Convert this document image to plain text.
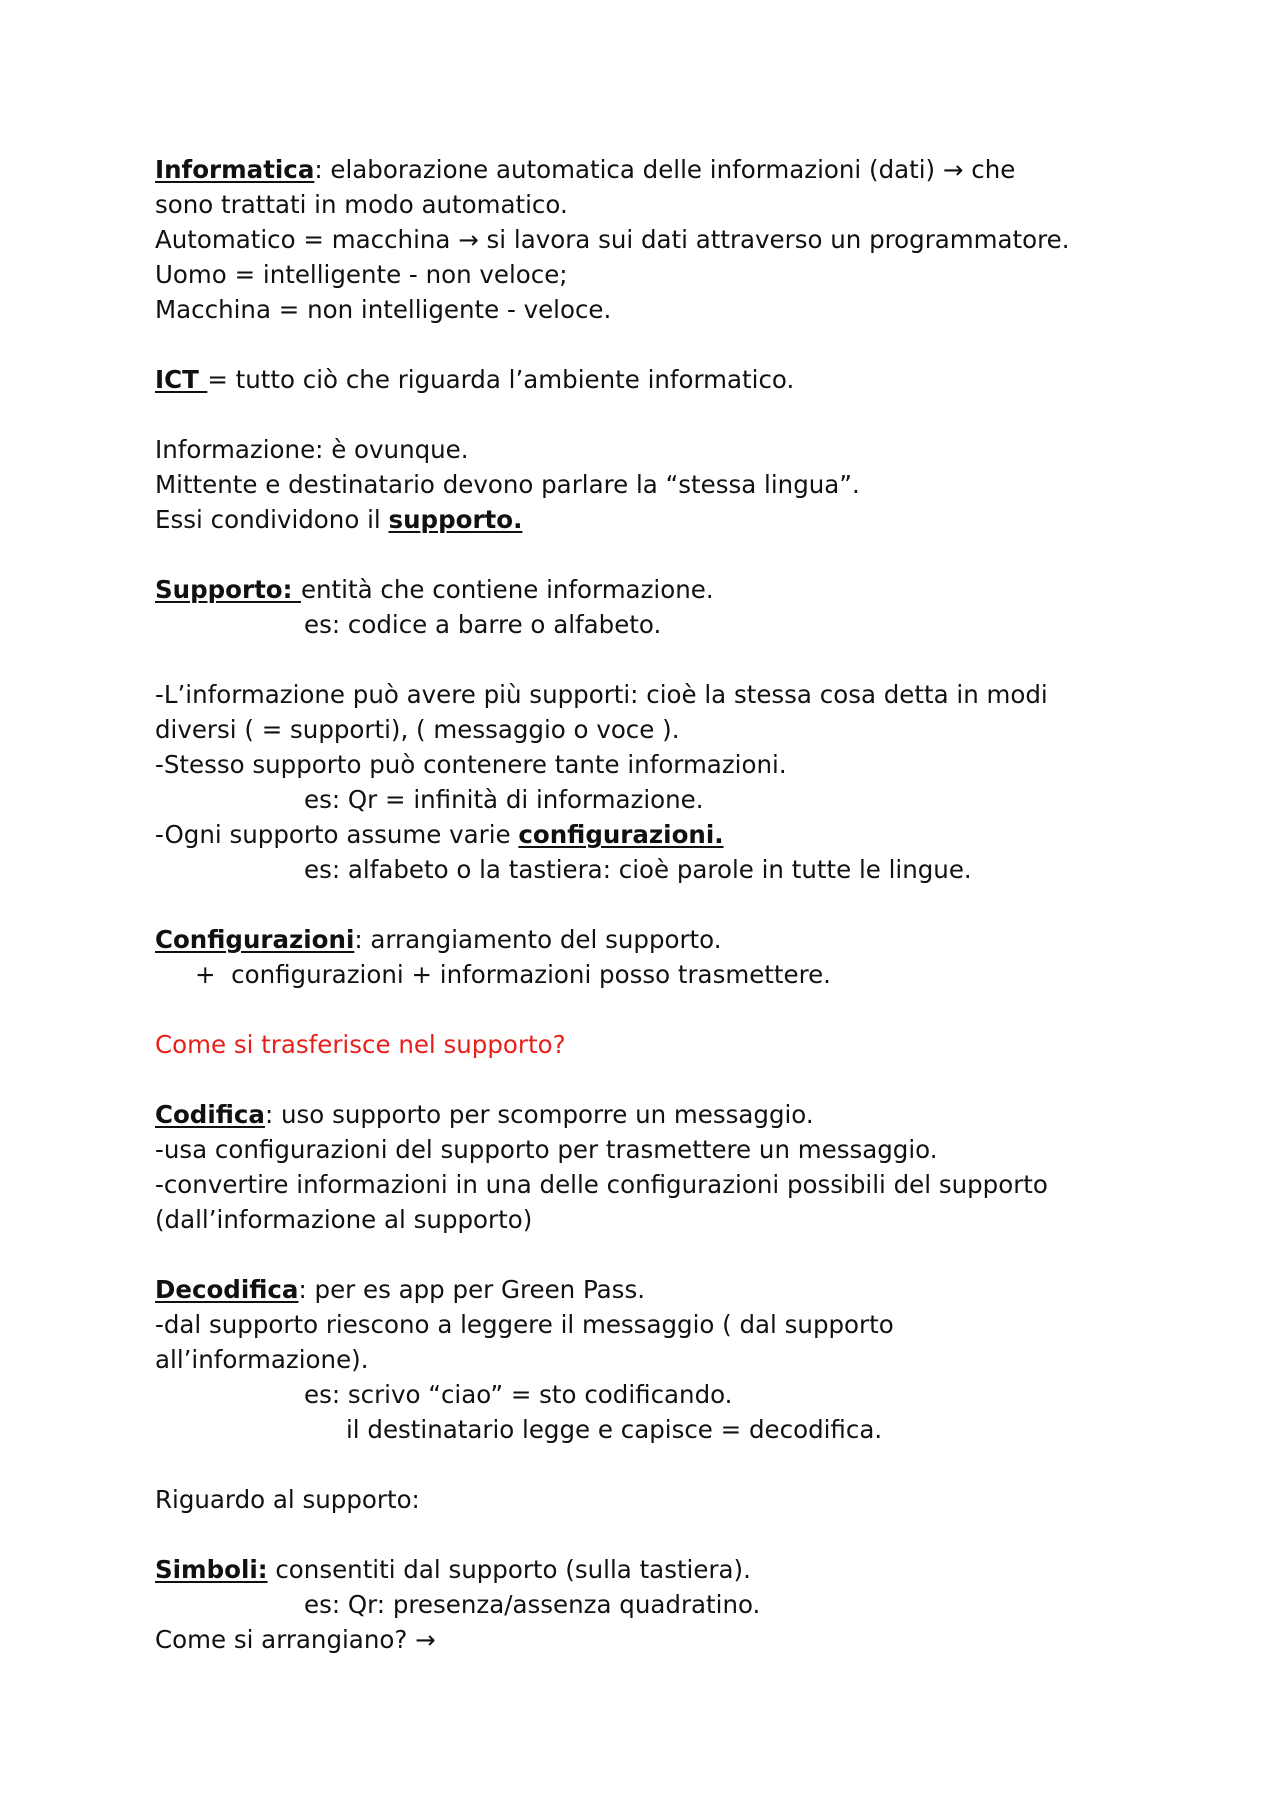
Informatica: elaborazione automatica delle informazioni (dati) → che
sono trattati in modo automatico.
Automatico = macchina → si lavora sui dati attraverso un programmatore.
Uomo = intelligente - non veloce;
Macchina = non intelligente - veloce.
ICT = tutto ciò che riguarda l’ambiente informatico.
Informazione: è ovunque.
Mittente e destinatario devono parlare la “stessa lingua”.
Essi condividono il supporto.
Supporto: entità che contiene informazione.
es: codice a barre o alfabeto.
-L’informazione può avere più supporti: cioè la stessa cosa detta in modi
diversi ( = supporti), ( messaggio o voce ).
-Stesso supporto può contenere tante informazioni.
es: Qr = infinità di informazione.
-Ogni supporto assume varie configurazioni.
es: alfabeto o la tastiera: cioè parole in tutte le lingue.
Configurazioni: arrangiamento del supporto.
+  configurazioni + informazioni posso trasmettere.
Come si trasferisce nel supporto?
Codifica: uso supporto per scomporre un messaggio.
-usa configurazioni del supporto per trasmettere un messaggio.
-convertire informazioni in una delle configurazioni possibili del supporto
(dall’informazione al supporto)
Decodifica: per es app per Green Pass.
-dal supporto riescono a leggere il messaggio ( dal supporto
all’informazione).
es: scrivo “ciao” = sto codificando.
il destinatario legge e capisce = decodifica.
Riguardo al supporto:
Simboli: consentiti dal supporto (sulla tastiera).
es: Qr: presenza/assenza quadratino.
Come si arrangiano? →
